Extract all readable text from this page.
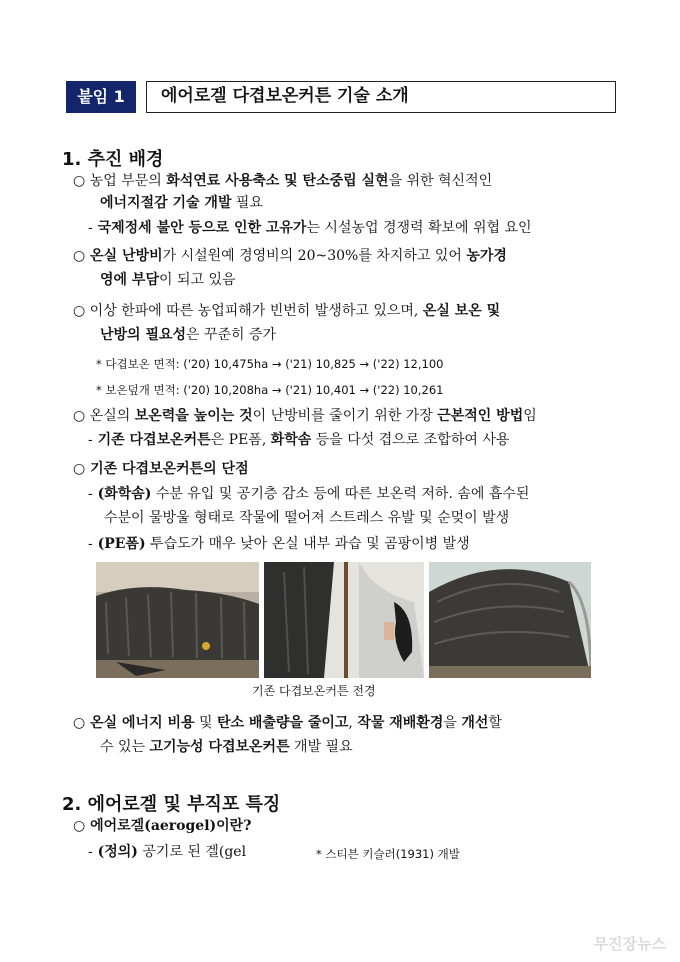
붙임 1	에어로겔 다겹보온커튼 기술 소개
1. 추진 배경
○ 농업 부문의 화석연료 사용축소 및 탄소중립 실현을 위한 혁신적인
에너지절감 기술 개발 필요
- 국제정세 불안 등으로 인한 고유가는 시설농업 경쟁력 확보에 위협 요인
○ 온실 난방비가 시설원예 경영비의 20~30%를 차지하고 있어 농가경
영에 부담이 되고 있음
○ 이상 한파에 따른 농업피해가 빈번히 발생하고 있으며, 온실 보온 및
난방의 필요성은 꾸준히 증가
* 다겹보온 면적: ('20) 10,475ha → ('21) 10,825 → ('22) 12,100
* 보온덮개 면적: ('20) 10,208ha → ('21) 10,401 → ('22) 10,261
○ 온실의 보온력을 높이는 것이 난방비를 줄이기 위한 가장 근본적인 방법임
- 기존 다겹보온커튼은 PE폼, 화학솜 등을 다섯 겹으로 조합하여 사용
○ 기존 다겹보온커튼의 단점
- (화학솜) 수분 유입 및 공기층 감소 등에 따른 보온력 저하. 솜에 흡수된
수분이 물방울 형태로 작물에 떨어져 스트레스 유발 및 순멎이 발생
- (PE폼) 투습도가 매우 낮아 온실 내부 과습 및 곰팡이병 발생
기존 다겹보온커튼 전경
○ 온실 에너지 비용 및 탄소 배출량을 줄이고, 작물 재배환경을 개선할
수 있는 고기능성 다겹보온커튼 개발 필요
2. 에어로겔 및 부직포 특징
○ 에어로겔(aerogel)이란?
- (정의) 공기로 된 겔(gel	* 스티븐 키슬러(1931) 개발
무진장뉴스
